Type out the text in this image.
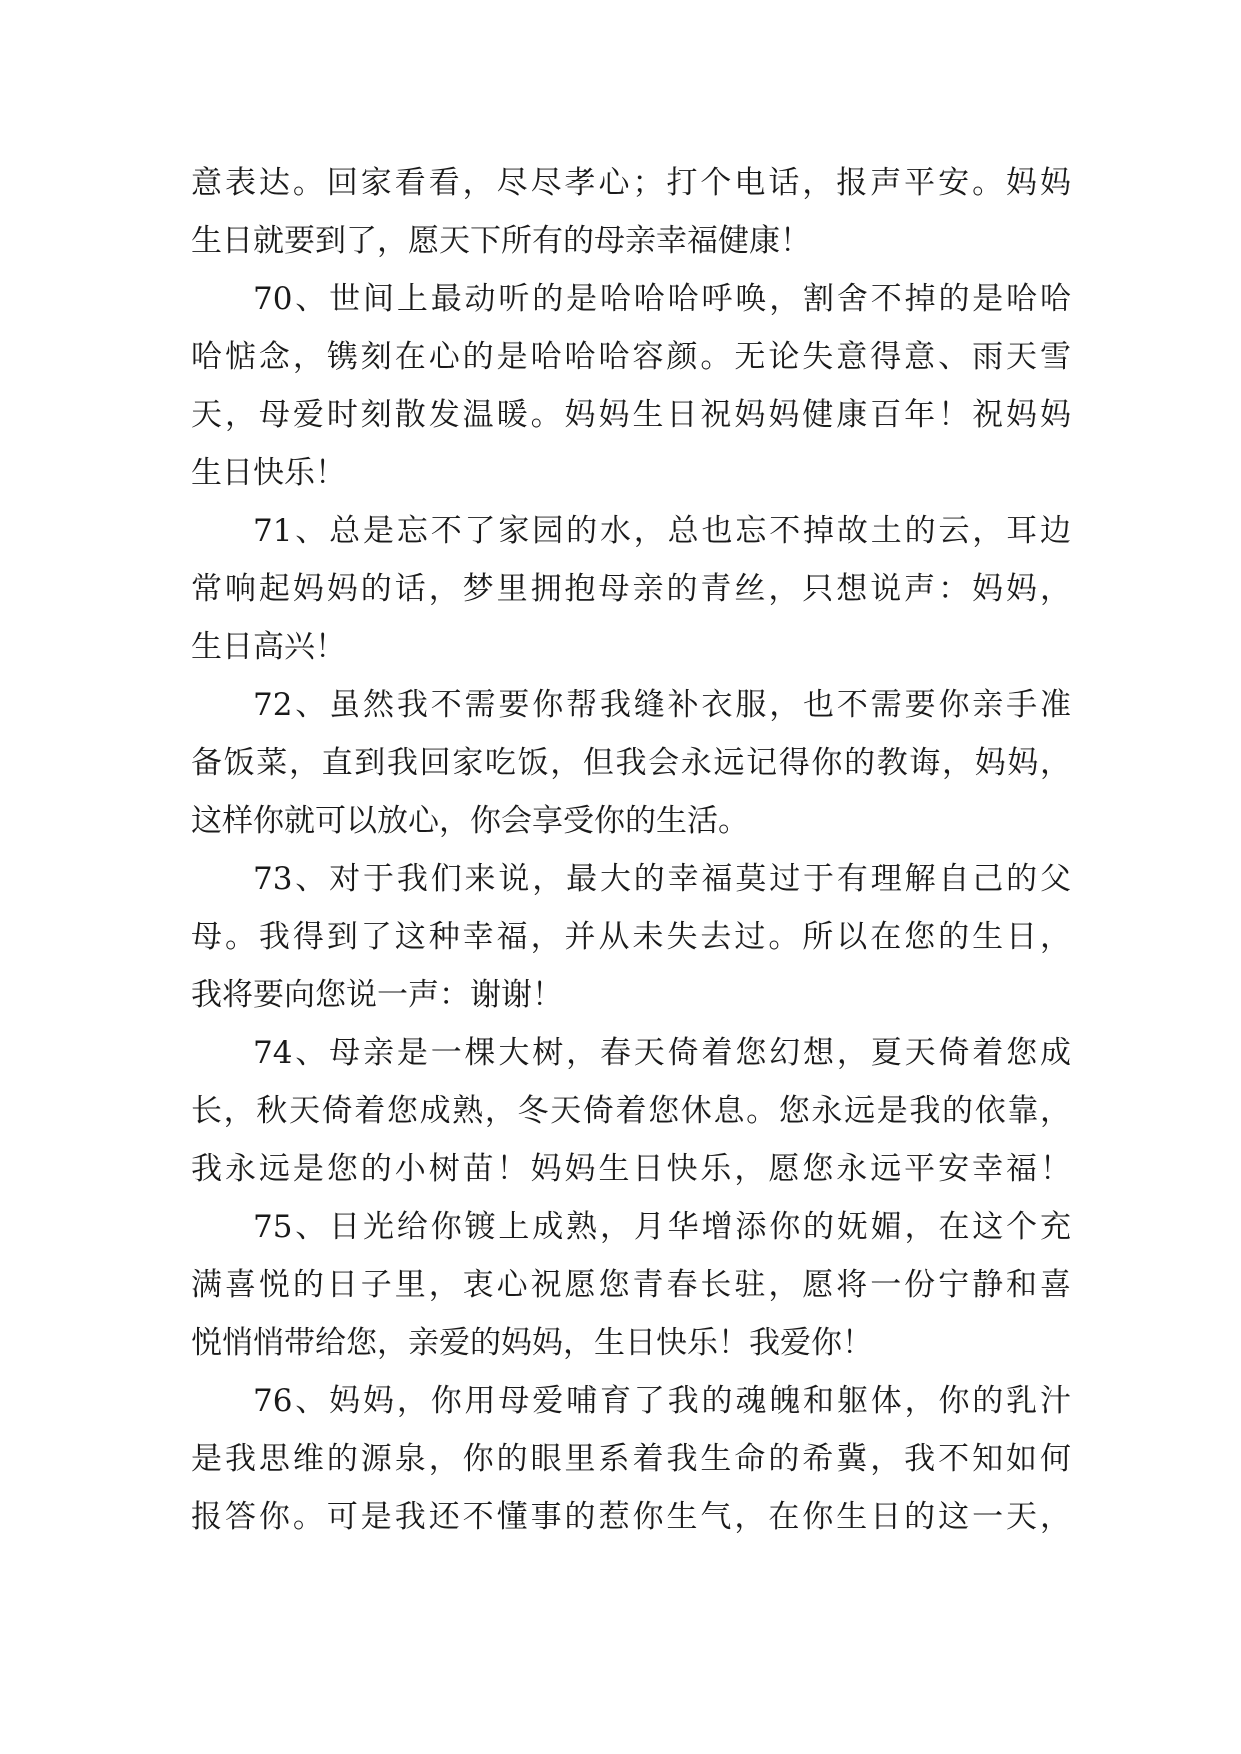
意表达。回家看看，尽尽孝心；打个电话，报声平安。妈妈
生日就要到了，愿天下所有的母亲幸福健康！
70、世间上最动听的是哈哈哈呼唤，割舍不掉的是哈哈
哈惦念，镌刻在心的是哈哈哈容颜。无论失意得意、雨天雪
天，母爱时刻散发温暖。妈妈生日祝妈妈健康百年！祝妈妈
生日快乐！
71、总是忘不了家园的水，总也忘不掉故土的云，耳边
常响起妈妈的话，梦里拥抱母亲的青丝，只想说声：妈妈，
生日高兴！
72、虽然我不需要你帮我缝补衣服，也不需要你亲手准
备饭菜，直到我回家吃饭，但我会永远记得你的教诲，妈妈，
这样你就可以放心，你会享受你的生活。
73、对于我们来说，最大的幸福莫过于有理解自己的父
母。我得到了这种幸福，并从未失去过。所以在您的生日，
我将要向您说一声：谢谢！
74、母亲是一棵大树，春天倚着您幻想，夏天倚着您成
长，秋天倚着您成熟，冬天倚着您休息。您永远是我的依靠，
我永远是您的小树苗！妈妈生日快乐，愿您永远平安幸福！
75、日光给你镀上成熟，月华增添你的妩媚，在这个充
满喜悦的日子里，衷心祝愿您青春长驻，愿将一份宁静和喜
悦悄悄带给您，亲爱的妈妈，生日快乐！我爱你！
76、妈妈，你用母爱哺育了我的魂魄和躯体，你的乳汁
是我思维的源泉，你的眼里系着我生命的希冀，我不知如何
报答你。可是我还不懂事的惹你生气，在你生日的这一天，
